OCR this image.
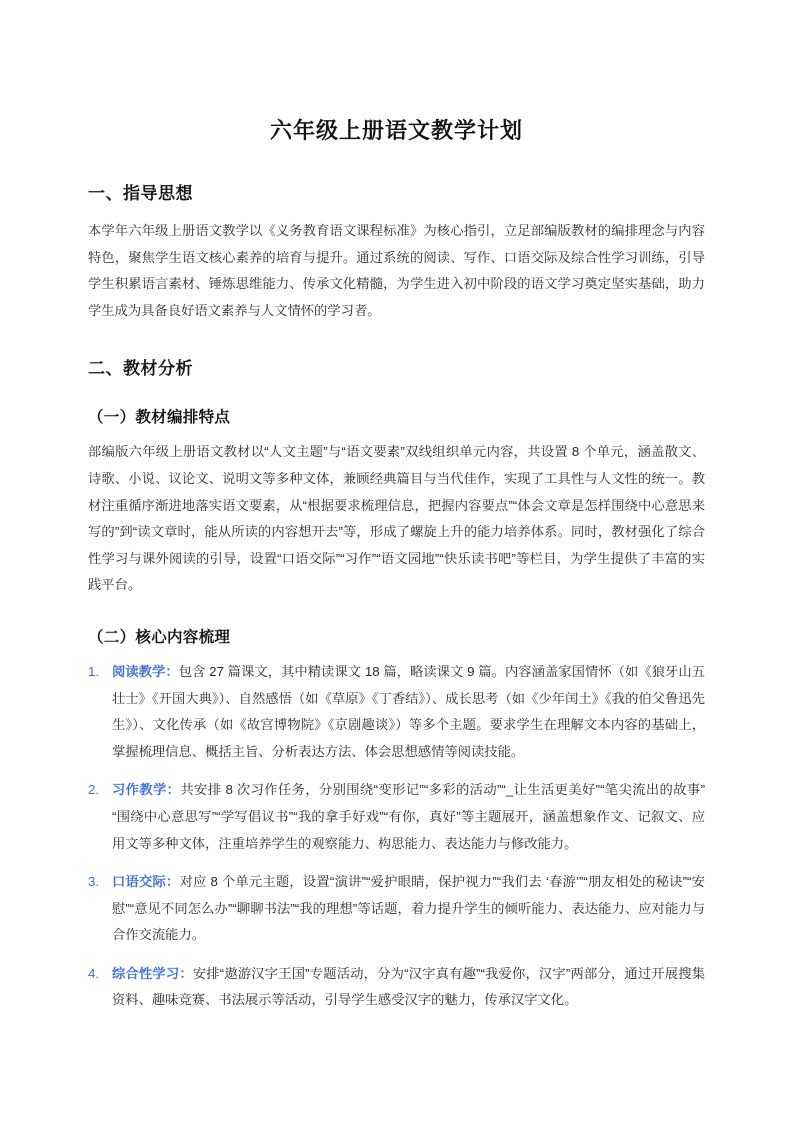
六年级上册语文教学计划
一、指导思想

本学年六年级上册语文教学以《义务教育语文课程标准》为核心指引，立足部编版教材的编排理念与内容特色，聚焦学生语文核心素养的培育与提升。通过系统的阅读、写作、口语交际及综合性学习训练，引导学生积累语言素材、锤炼思维能力、传承文化精髓，为学生进入初中阶段的语文学习奠定坚实基础，助力学生成为具备良好语文素养与人文情怀的学习者。

二、教材分析
（一）教材编排特点

部编版六年级上册语文教材以“人文主题”与“语文要素”双线组织单元内容，共设置 8 个单元，涵盖散文、诗歌、小说、议论文、说明文等多种文体，兼顾经典篇目与当代佳作，实现了工具性与人文性的统一。教材注重循序渐进地落实语文要素，从“根据要求梳理信息，把握内容要点”“体会文章是怎样围绕中心意思来写的”到“读文章时，能从所读的内容想开去”等，形成了螺旋上升的能力培养体系。同时，教材强化了综合性学习与课外阅读的引导，设置“口语交际”“习作”“语文园地”“快乐读书吧”等栏目，为学生提供了丰富的实践平台。

（二）核心内容梳理
阅读教学：包含 27 篇课文，其中精读课文 18 篇，略读课文 9 篇。内容涵盖家国情怀（如《狼牙山五壮士》《开国大典》）、自然感悟（如《草原》《丁香结》）、成长思考（如《少年闰土》《我的伯父鲁迅先生》）、文化传承（如《故宫博物院》《京剧趣谈》）等多个主题。要求学生在理解文本内容的基础上，掌握梳理信息、概括主旨、分析表达方法、体会思想感情等阅读技能。
习作教学：共安排 8 次习作任务，分别围绕“变形记”“多彩的活动”“_让生活更美好”“笔尖流出的故事”“围绕中心意思写”“学写倡议书”“我的拿手好戏”“有你，真好”等主题展开，涵盖想象作文、记叙文、应用文等多种文体，注重培养学生的观察能力、构思能力、表达能力与修改能力。
口语交际：对应 8 个单元主题，设置“演讲”“爱护眼睛，保护视力”“我们去 ‘春游’”“朋友相处的秘诀”“安慰”“意见不同怎么办”“聊聊书法”“我的理想”等话题，着力提升学生的倾听能力、表达能力、应对能力与合作交流能力。
综合性学习：安排“遨游汉字王国”专题活动，分为“汉字真有趣”“我爱你，汉字”两部分，通过开展搜集资料、趣味竞赛、书法展示等活动，引导学生感受汉字的魅力，传承汉字文化。
